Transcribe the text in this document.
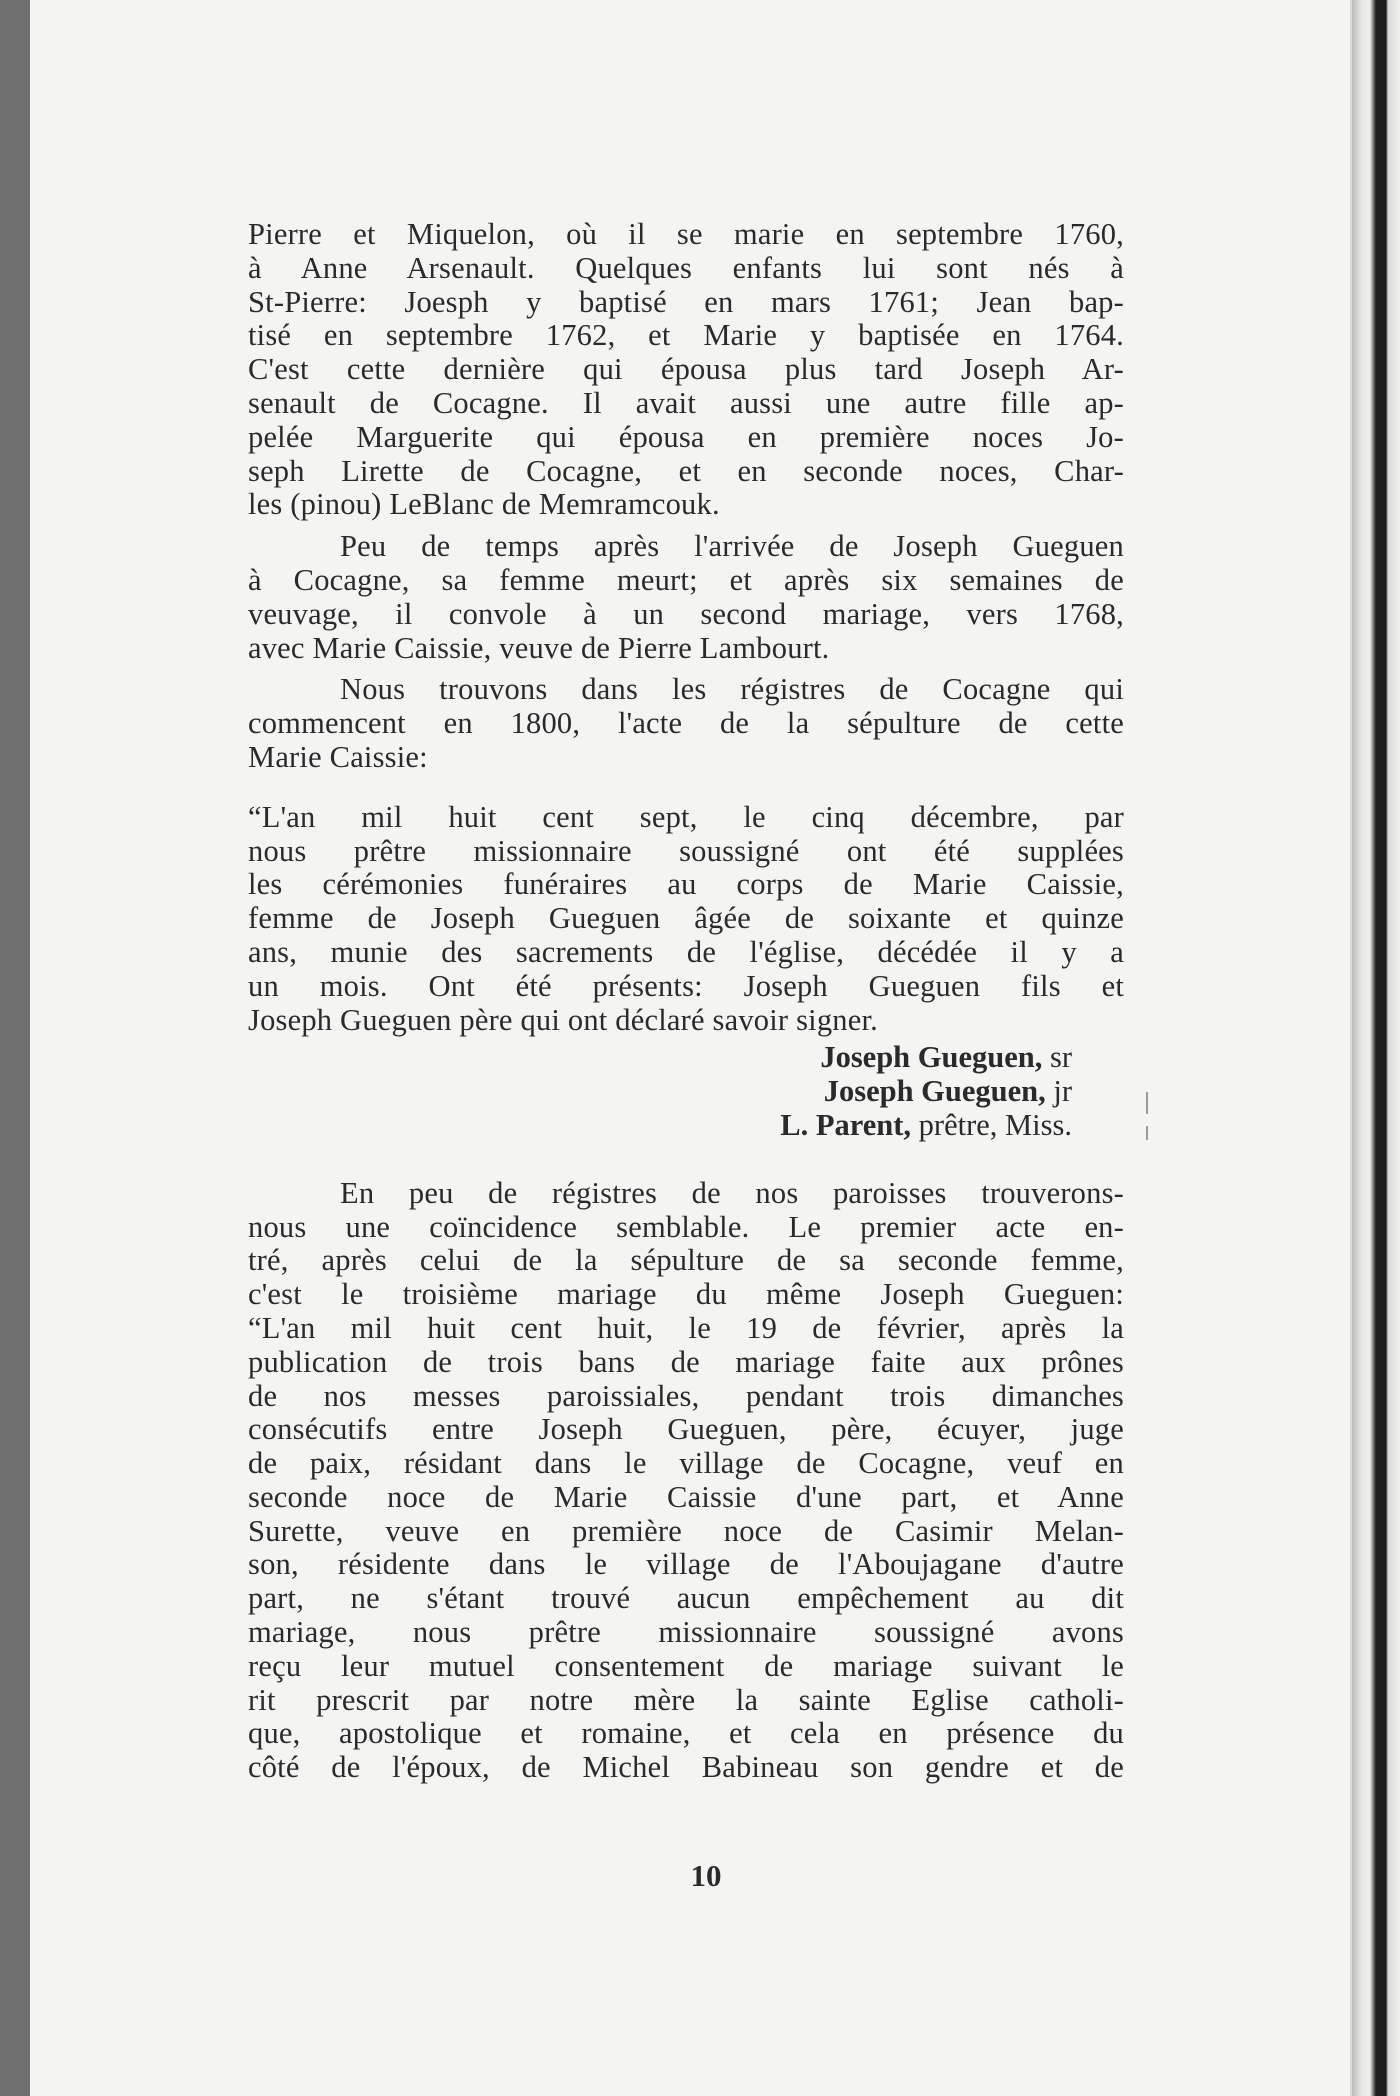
Pierre et Miquelon, où il se marie en septembre 1760,
à Anne Arsenault. Quelques enfants lui sont nés à
St-Pierre: Joesph y baptisé en mars 1761; Jean bap-
tisé en septembre 1762, et Marie y baptisée en 1764.
C'est cette dernière qui épousa plus tard Joseph Ar-
senault de Cocagne. Il avait aussi une autre fille ap-
pelée Marguerite qui épousa en première noces Jo-
seph Lirette de Cocagne, et en seconde noces, Char-
les (pinou) LeBlanc de Memramcouk.
Peu de temps après l'arrivée de Joseph Gueguen
à Cocagne, sa femme meurt; et après six semaines de
veuvage, il convole à un second mariage, vers 1768,
avec Marie Caissie, veuve de Pierre Lambourt.
Nous trouvons dans les régistres de Cocagne qui
commencent en 1800, l'acte de la sépulture de cette
Marie Caissie:
“L'an mil huit cent sept, le cinq décembre, par
nous prêtre missionnaire soussigné ont été supplées
les cérémonies funéraires au corps de Marie Caissie,
femme de Joseph Gueguen âgée de soixante et quinze
ans, munie des sacrements de l'église, décédée il y a
un mois. Ont été présents: Joseph Gueguen fils et
Joseph Gueguen père qui ont déclaré savoir signer.
Joseph Gueguen, sr
Joseph Gueguen, jr
L. Parent, prêtre, Miss.
En peu de régistres de nos paroisses trouverons-
nous une coïncidence semblable. Le premier acte en-
tré, après celui de la sépulture de sa seconde femme,
c'est le troisième mariage du même Joseph Gueguen:
“L'an mil huit cent huit, le 19 de février, après la
publication de trois bans de mariage faite aux prônes
de nos messes paroissiales, pendant trois dimanches
consécutifs entre Joseph Gueguen, père, écuyer, juge
de paix, résidant dans le village de Cocagne, veuf en
seconde noce de Marie Caissie d'une part, et Anne
Surette, veuve en première noce de Casimir Melan-
son, résidente dans le village de l'Aboujagane d'autre
part, ne s'étant trouvé aucun empêchement au dit
mariage, nous prêtre missionnaire soussigné avons
reçu leur mutuel consentement de mariage suivant le
rit prescrit par notre mère la sainte Eglise catholi-
que, apostolique et romaine, et cela en présence du
côté de l'époux, de Michel Babineau son gendre et de
10
